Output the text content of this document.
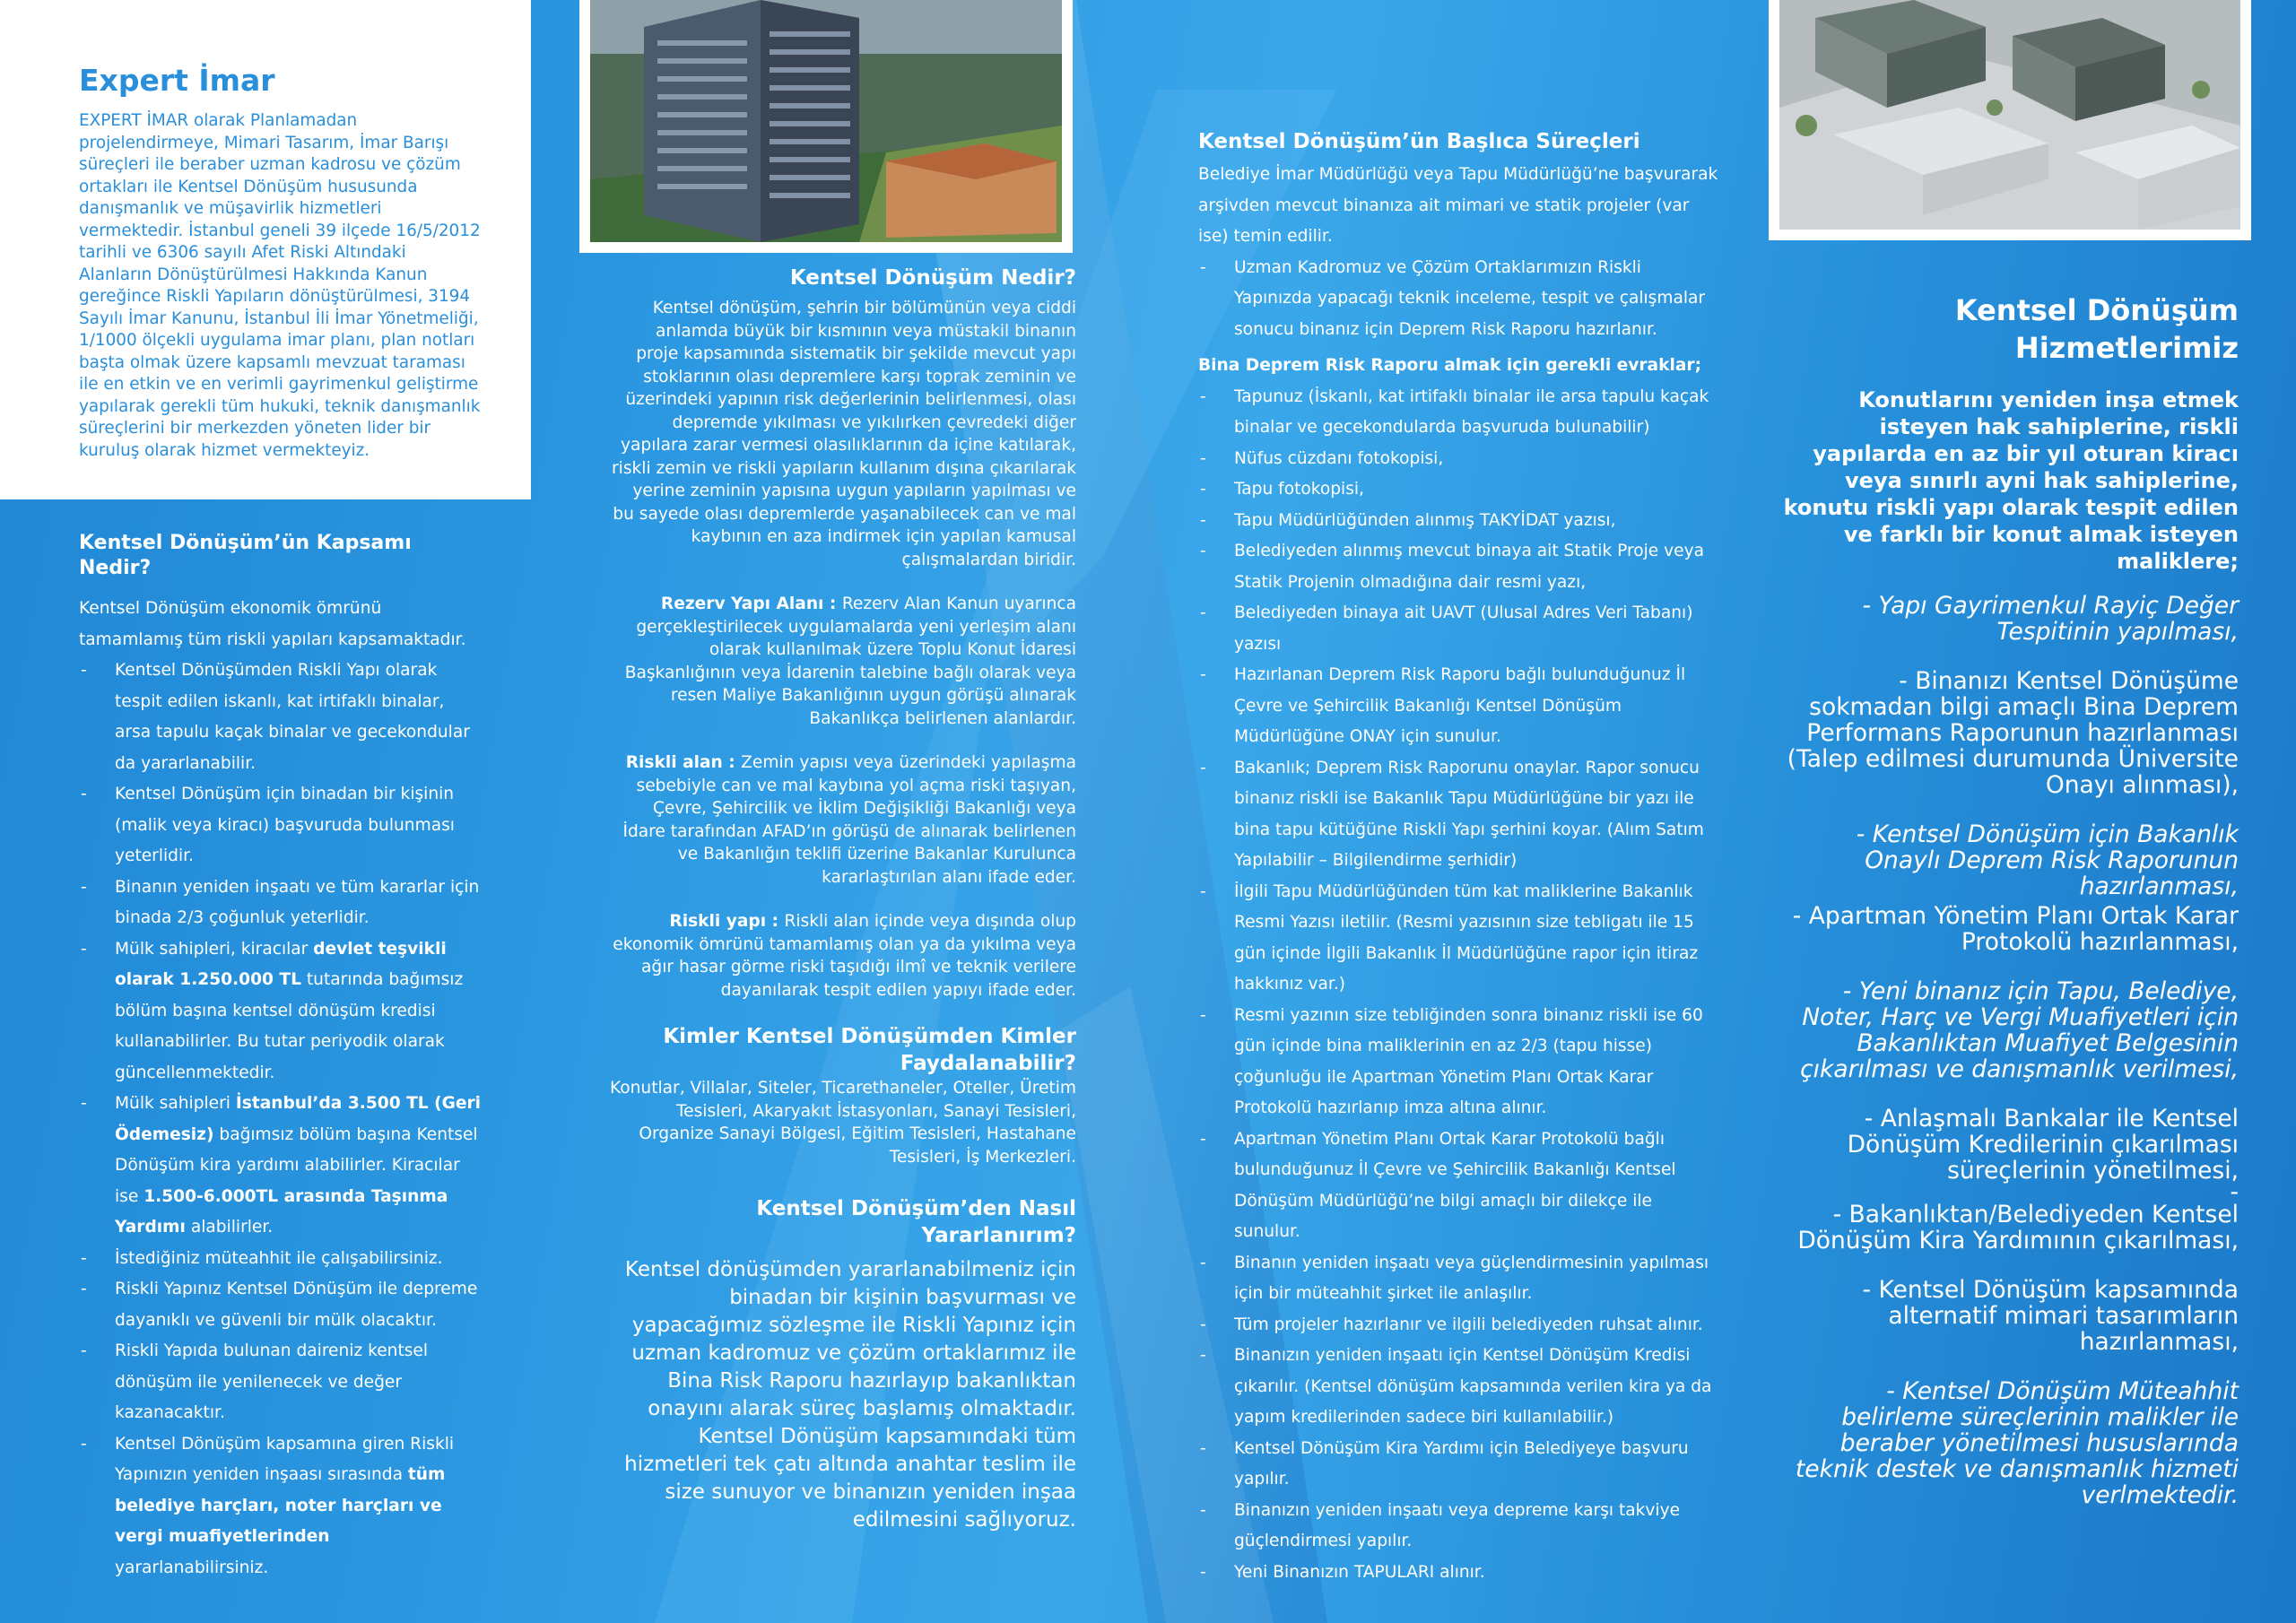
Expert İmar
EXPERT İMAR olarak Planlamadan projelendirmeye, Mimari Tasarım, İmar Barışı süreçleri ile beraber uzman kadrosu ve çözüm ortakları ile Kentsel Dönüşüm hususunda danışmanlık ve müşavirlik hizmetleri vermektedir. İstanbul geneli 39 ilçede 16/5/2012 tarihli ve 6306 sayılı Afet Riski Altındaki Alanların Dönüştürülmesi Hakkında Kanun gereğince Riskli Yapıların dönüştürülmesi, 3194 Sayılı İmar Kanunu, İstanbul İli İmar Yönetmeliği, 1/1000 ölçekli uygulama imar planı, plan notları başta olmak üzere kapsamlı mevzuat taraması ile en etkin ve en verimli gayrimenkul geliştirme yapılarak gerekli tüm hukuki, teknik danışmanlık süreçlerini bir merkezden yöneten lider bir kuruluş olarak hizmet vermekteyiz.
Kentsel Dönüşüm’ün Kapsamı Nedir?
Kentsel Dönüşüm ekonomik ömrünü tamamlamış tüm riskli yapıları kapsamaktadır.
- Kentsel Dönüşümden Riskli Yapı olarak tespit edilen iskanlı, kat irtifaklı binalar, arsa tapulu kaçak binalar ve gecekondular da yararlanabilir.
- Kentsel Dönüşüm için binadan bir kişinin (malik veya kiracı) başvuruda bulunması yeterlidir.
- Binanın yeniden inşaatı ve tüm kararlar için binada 2/3 çoğunluk yeterlidir.
- Mülk sahipleri, kiracılar devlet teşvikli olarak 1.250.000 TL tutarında bağımsız bölüm başına kentsel dönüşüm kredisi kullanabilirler. Bu tutar periyodik olarak güncellenmektedir.
- Mülk sahipleri İstanbul’da 3.500 TL (Geri Ödemesiz) bağımsız bölüm başına Kentsel Dönüşüm kira yardımı alabilirler. Kiracılar ise 1.500-6.000TL arasında Taşınma Yardımı alabilirler.
- İstediğiniz müteahhit ile çalışabilirsiniz.
- Riskli Yapınız Kentsel Dönüşüm ile depreme dayanıklı ve güvenli bir mülk olacaktır.
- Riskli Yapıda bulunan daireniz kentsel dönüşüm ile yenilenecek ve değer kazanacaktır.
- Kentsel Dönüşüm kapsamına giren Riskli Yapınızın yeniden inşaası sırasında tüm belediye harçları, noter harçları ve vergi muafiyetlerinden yararlanabilirsiniz.
Kentsel Dönüşüm Nedir?
Kentsel dönüşüm, şehrin bir bölümünün veya ciddi anlamda büyük bir kısmının veya müstakil binanın proje kapsamında sistematik bir şekilde mevcut yapı stoklarının olası depremlere karşı toprak zeminin ve üzerindeki yapının risk değerlerinin belirlenmesi, olası depremde yıkılması ve yıkılırken çevredeki diğer yapılara zarar vermesi olasılıklarının da içine katılarak, riskli zemin ve riskli yapıların kullanım dışına çıkarılarak yerine zeminin yapısına uygun yapıların yapılması ve bu sayede olası depremlerde yaşanabilecek can ve mal kaybının en aza indirmek için yapılan kamusal çalışmalardan biridir.
Rezerv Yapı Alanı : Rezerv Alan Kanun uyarınca gerçekleştirilecek uygulamalarda yeni yerleşim alanı olarak kullanılmak üzere Toplu Konut İdaresi Başkanlığının veya İdarenin talebine bağlı olarak veya resen Maliye Bakanlığının uygun görüşü alınarak Bakanlıkça belirlenen alanlardır.
Riskli alan : Zemin yapısı veya üzerindeki yapılaşma sebebiyle can ve mal kaybına yol açma riski taşıyan, Çevre, Şehircilik ve İklim Değişikliği Bakanlığı veya İdare tarafından AFAD’ın görüşü de alınarak belirlenen ve Bakanlığın teklifi üzerine Bakanlar Kurulunca kararlaştırılan alanı ifade eder.
Riskli yapı : Riskli alan içinde veya dışında olup ekonomik ömrünü tamamlamış olan ya da yıkılma veya ağır hasar görme riski taşıdığı ilmî ve teknik verilere dayanılarak tespit edilen yapıyı ifade eder.
Kimler Kentsel Dönüşümden Kimler Faydalanabilir?
Konutlar, Villalar, Siteler, Ticarethaneler, Oteller, Üretim Tesisleri, Akaryakıt İstasyonları, Sanayi Tesisleri, Organize Sanayi Bölgesi, Eğitim Tesisleri, Hastahane Tesisleri, İş Merkezleri.
Kentsel Dönüşüm’den Nasıl Yararlanırım?
Kentsel dönüşümden yararlanabilmeniz için binadan bir kişinin başvurması ve yapacağımız sözleşme ile Riskli Yapınız için uzman kadromuz ve çözüm ortaklarımız ile Bina Risk Raporu hazırlayıp bakanlıktan onayını alarak süreç başlamış olmaktadır. Kentsel Dönüşüm kapsamındaki tüm hizmetleri tek çatı altında anahtar teslim ile size sunuyor ve binanızın yeniden inşaa edilmesini sağlıyoruz.
Kentsel Dönüşüm’ün Başlıca Süreçleri
Belediye İmar Müdürlüğü veya Tapu Müdürlüğü’ne başvurarak arşivden mevcut binanıza ait mimari ve statik projeler (var ise) temin edilir.
- Uzman Kadromuz ve Çözüm Ortaklarımızın Riskli Yapınızda yapacağı teknik inceleme, tespit ve çalışmalar sonucu binanız için Deprem Risk Raporu hazırlanır.
Bina Deprem Risk Raporu almak için gerekli evraklar;
- Tapunuz (İskanlı, kat irtifaklı binalar ile arsa tapulu kaçak binalar ve gecekondularda başvuruda bulunabilir)
- Nüfus cüzdanı fotokopisi,
- Tapu fotokopisi,
- Tapu Müdürlüğünden alınmış TAKYİDAT yazısı,
- Belediyeden alınmış mevcut binaya ait Statik Proje veya Statik Projenin olmadığına dair resmi yazı,
- Belediyeden binaya ait UAVT (Ulusal Adres Veri Tabanı) yazısı
- Hazırlanan Deprem Risk Raporu bağlı bulunduğunuz İl Çevre ve Şehircilik Bakanlığı Kentsel Dönüşüm Müdürlüğüne ONAY için sunulur.
- Bakanlık; Deprem Risk Raporunu onaylar. Rapor sonucu binanız riskli ise Bakanlık Tapu Müdürlüğüne bir yazı ile bina tapu kütüğüne Riskli Yapı şerhini koyar. (Alım Satım Yapılabilir – Bilgilendirme şerhidir)
- İlgili Tapu Müdürlüğünden tüm kat maliklerine Bakanlık Resmi Yazısı iletilir. (Resmi yazısının size tebligatı ile 15 gün içinde İlgili Bakanlık İl Müdürlüğüne rapor için itiraz hakkınız var.)
- Resmi yazının size tebliğinden sonra binanız riskli ise 60 gün içinde bina maliklerinin en az 2/3 (tapu hisse) çoğunluğu ile Apartman Yönetim Planı Ortak Karar Protokolü hazırlanıp imza altına alınır.
- Apartman Yönetim Planı Ortak Karar Protokolü bağlı bulunduğunuz İl Çevre ve Şehircilik Bakanlığı Kentsel Dönüşüm Müdürlüğü’ne bilgi amaçlı bir dilekçe ile sunulur.
- Binanın yeniden inşaatı veya güçlendirmesinin yapılması için bir müteahhit şirket ile anlaşılır.
- Tüm projeler hazırlanır ve ilgili belediyeden ruhsat alınır.
- Binanızın yeniden inşaatı için Kentsel Dönüşüm Kredisi çıkarılır. (Kentsel dönüşüm kapsamında verilen kira ya da yapım kredilerinden sadece biri kullanılabilir.)
- Kentsel Dönüşüm Kira Yardımı için Belediyeye başvuru yapılır.
- Binanızın yeniden inşaatı veya depreme karşı takviye güçlendirmesi yapılır.
- Yeni Binanızın TAPULARI alınır.
Kentsel Dönüşüm Hizmetlerimiz
Konutlarını yeniden inşa etmek isteyen hak sahiplerine, riskli yapılarda en az bir yıl oturan kiracı veya sınırlı ayni hak sahiplerine, konutu riskli yapı olarak tespit edilen ve farklı bir konut almak isteyen maliklere;
- Yapı Gayrimenkul Rayiç Değer Tespitinin yapılması,
- Binanızı Kentsel Dönüşüme sokmadan bilgi amaçlı Bina Deprem Performans Raporunun hazırlanması (Talep edilmesi durumunda Üniversite Onayı alınması),
- Kentsel Dönüşüm için Bakanlık Onaylı Deprem Risk Raporunun hazırlanması,
- Apartman Yönetim Planı Ortak Karar Protokolü hazırlanması,
- Yeni binanız için Tapu, Belediye, Noter, Harç ve Vergi Muafiyetleri için Bakanlıktan Muafiyet Belgesinin çıkarılması ve danışmanlık verilmesi,
- Anlaşmalı Bankalar ile Kentsel Dönüşüm Kredilerinin çıkarılması süreçlerinin yönetilmesi,
-
- Bakanlıktan/Belediyeden Kentsel Dönüşüm Kira Yardımının çıkarılması,
- Kentsel Dönüşüm kapsamında alternatif mimari tasarımların hazırlanması,
- Kentsel Dönüşüm Müteahhit belirleme süreçlerinin malikler ile beraber yönetilmesi hususlarında teknik destek ve danışmanlık hizmeti verlmektedir.
